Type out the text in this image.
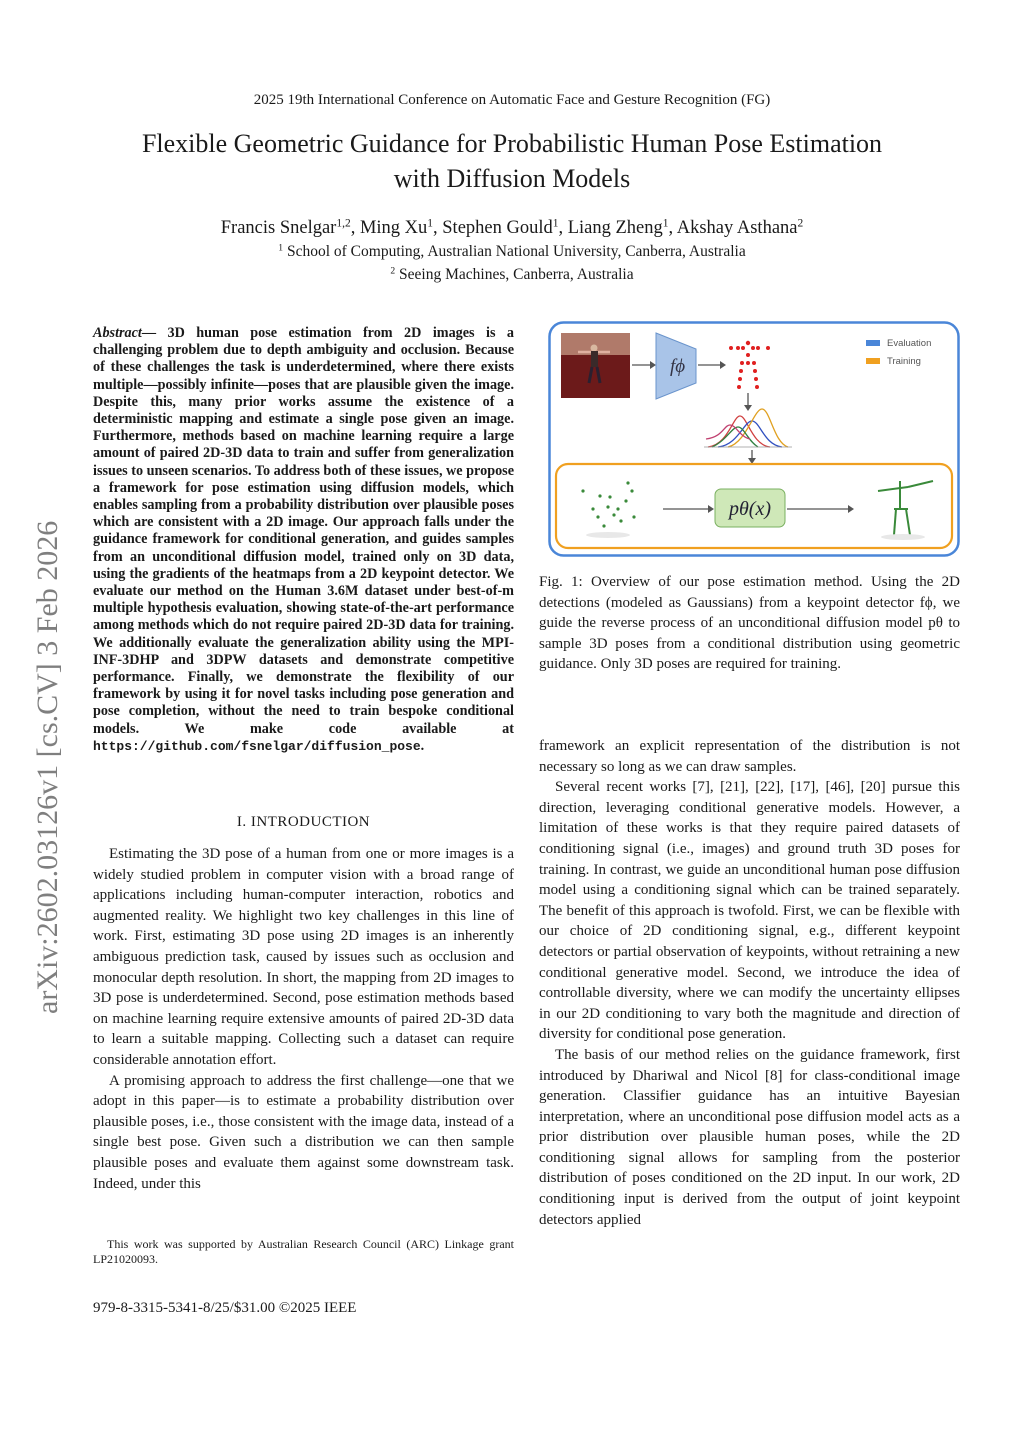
2025 19th International Conference on Automatic Face and Gesture Recognition (FG)
Flexible Geometric Guidance for Probabilistic Human Pose Estimation
with Diffusion Models
Francis Snelgar$^{1,2}$, Ming Xu$^1$, Stephen Gould$^1$, Liang Zheng$^1$, Akshay Asthana$^2$
$^1$ School of Computing, Australian National University, Canberra, Australia
$^2$ Seeing Machines, Canberra, Australia
arXiv:2602.03126v1 [cs.CV] 3 Feb 2026
Abstract— 3D human pose estimation from 2D images is a challenging problem due to depth ambiguity and occlusion. Because of these challenges the task is underdetermined, where there exists multiple—possibly infinite—poses that are plausible given the image. Despite this, many prior works assume the existence of a deterministic mapping and estimate a single pose given an image. Furthermore, methods based on machine learning require a large amount of paired 2D-3D data to train and suffer from generalization issues to unseen scenarios. To address both of these issues, we propose a framework for pose estimation using diffusion models, which enables sampling from a probability distribution over plausible poses which are consistent with a 2D image. Our approach falls under the guidance framework for conditional generation, and guides samples from an unconditional diffusion model, trained only on 3D data, using the gradients of the heatmaps from a 2D keypoint detector. We evaluate our method on the Human 3.6M dataset under best-of-m multiple hypothesis evaluation, showing state-of-the-art performance among methods which do not require paired 2D-3D data for training. We additionally evaluate the generalization ability using the MPI-INF-3DHP and 3DPW datasets and demonstrate competitive performance. Finally, we demonstrate the flexibility of our framework by using it for novel tasks including pose generation and pose completion, without the need to train bespoke conditional models. We make code available at https://github.com/fsnelgar/diffusion_pose.
I. INTRODUCTION

Estimating the 3D pose of a human from one or more images is a widely studied problem in computer vision with a broad range of applications including human-computer interaction, robotics and augmented reality. We highlight two key challenges in this line of work. First, estimating 3D pose using 2D images is an inherently ambiguous prediction task, caused by issues such as occlusion and monocular depth resolution. In short, the mapping from 2D images to 3D pose is underdetermined. Second, pose estimation methods based on machine learning require extensive amounts of paired 2D-3D data to learn a suitable mapping. Collecting such a dataset can require considerable annotation effort.

A promising approach to address the first challenge—one that we adopt in this paper—is to estimate a probability distribution over plausible poses, i.e., those consistent with the image data, instead of a single best pose. Given such a distribution we can then sample plausible poses and evaluate them against some downstream task. Indeed, under this

This work was supported by Australian Research Council (ARC) Linkage grant LP21020093.

979-8-3315-5341-8/25/$31.00 ©2025 IEEE
fϕ
Evaluation
Training
pθ(x)
Fig. 1: Overview of our pose estimation method. Using the 2D detections (modeled as Gaussians) from a keypoint detector fϕ, we guide the reverse process of an unconditional diffusion model pθ to sample 3D poses from a conditional distribution using geometric guidance. Only 3D poses are required for training.

framework an explicit representation of the distribution is not necessary so long as we can draw samples.

Several recent works [7], [21], [22], [17], [46], [20] pursue this direction, leveraging conditional generative models. However, a limitation of these works is that they require paired datasets of conditioning signal (i.e., images) and ground truth 3D poses for training. In contrast, we guide an unconditional human pose diffusion model using a conditioning signal which can be trained separately. The benefit of this approach is twofold. First, we can be flexible with our choice of 2D conditioning signal, e.g., different keypoint detectors or partial observation of keypoints, without retraining a new conditional generative model. Second, we introduce the idea of controllable diversity, where we can modify the uncertainty ellipses in our 2D conditioning to vary both the magnitude and direction of diversity for conditional pose generation.

The basis of our method relies on the guidance framework, first introduced by Dhariwal and Nicol [8] for class-conditional image generation. Classifier guidance has an intuitive Bayesian interpretation, where an unconditional pose diffusion model acts as a prior distribution over plausible human poses, while the 2D conditioning signal allows for sampling from the posterior distribution of poses conditioned on the 2D input. In our work, 2D conditioning input is derived from the output of joint keypoint detectors applied
